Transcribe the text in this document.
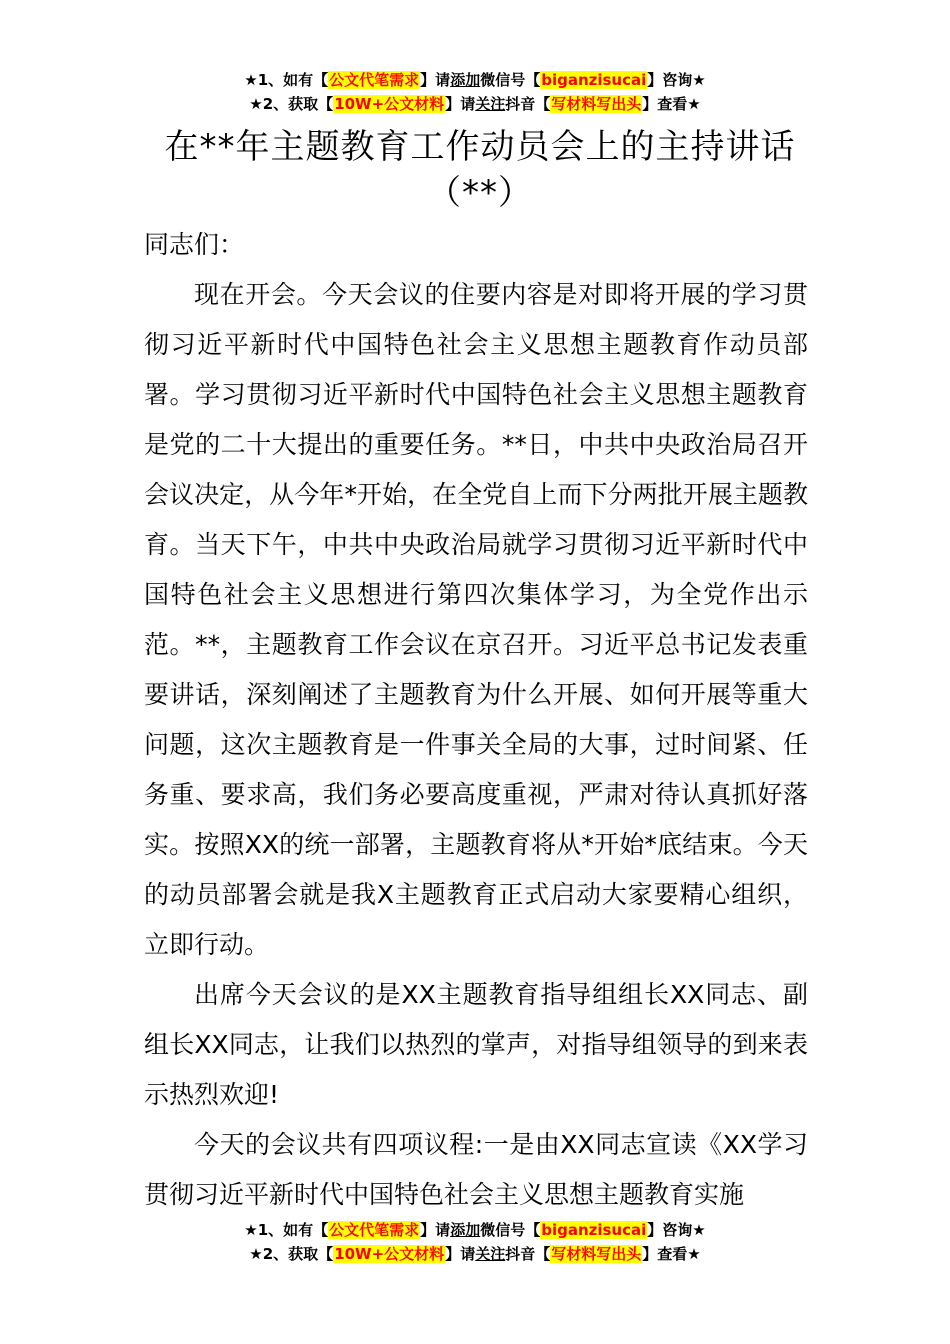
★1、如有【公文代笔需求】请添加微信号【biganzisucai】咨询★
★2、获取【10W+公文材料】请关注抖音【写材料写出头】查看★
在**年主题教育工作动员会上的主持讲话（**）

同志们：

现在开会。今天会议的住要内容是对即将开展的学习贯彻习近平新时代中国特色社会主义思想主题教育作动员部署。学习贯彻习近平新时代中国特色社会主义思想主题教育是党的二十大提出的重要任务。**日，中共中央政治局召开会议决定，从今年*开始，在全党自上而下分两批开展主题教育。当天下午，中共中央政治局就学习贯彻习近平新时代中国特色社会主义思想进行第四次集体学习，为全党作出示范。**，主题教育工作会议在京召开。习近平总书记发表重要讲话，深刻阐述了主题教育为什么开展、如何开展等重大问题，这次主题教育是一件事关全局的大事，过时间紧、任务重、要求高，我们务必要高度重视，严肃对待认真抓好落实。按照XX的统一部署，主题教育将从*开始*底结束。今天的动员部署会就是我X主题教育正式启动大家要精心组织，立即行动。

出席今天会议的是XX主题教育指导组组长XX同志、副组长XX同志，让我们以热烈的掌声，对指导组领导的到来表示热烈欢迎!

今天的会议共有四项议程:一是由XX同志宣读《XX学习贯彻习近平新时代中国特色社会主义思想主题教育实施

★1、如有【公文代笔需求】请添加微信号【biganzisucai】咨询★
★2、获取【10W+公文材料】请关注抖音【写材料写出头】查看★
